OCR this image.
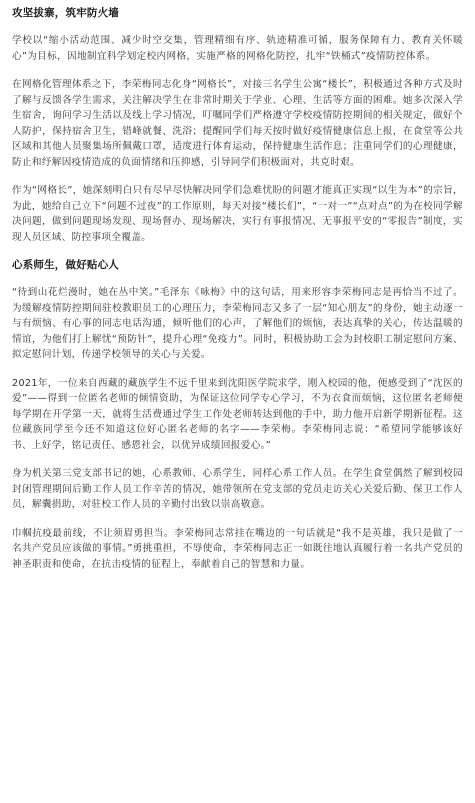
攻坚拔寨，筑牢防火墙

学校以“缩小活动范围、减少时空交集，管理精细有序、轨迹精准可循，服务保障有力、教育关怀暖心”为目标，因地制宜科学划定校内网格，实施严格的网格化防控，扎牢“铁桶式”疫情防控体系。

在网格化管理体系之下，李荣梅同志化身“网格长”，对接三名学生公寓“楼长”，积极通过各种方式及时了解与反馈各学生需求，关注解决学生在非常时期关于学业、心理、生活等方面的困难。她多次深入学生宿舍，询问学习生活以及线上学习情况，叮嘱同学们严格遵守学校疫情防控期间的相关规定，做好个人防护，保持宿舍卫生，错峰就餐、洗浴；提醒同学们每天按时做好疫情健康信息上报，在食堂等公共区域和其他人员聚集场所佩戴口罩，适度进行体育运动，保持健康生活作息；注重同学们的心理健康，防止和纾解因疫情造成的负面情绪和压抑感，引导同学们积极面对，共克时艰。

作为“网格长”，她深刻明白只有尽早尽快解决同学们急难忧盼的问题才能真正实现“以生为本”的宗旨，为此，她给自己立下“问题不过夜”的工作原则，每天对接“楼长们”，“一对一”“点对点”的为在校同学解决问题，做到问题现场发现、现场督办、现场解决，实行有事报情况、无事报平安的“零报告”制度，实现人员区域、防控事项全覆盖。

心系师生，做好贴心人

“待到山花烂漫时，她在丛中笑。”毛泽东《咏梅》中的这句话，用来形容李荣梅同志是再恰当不过了。为缓解疫情防控期间驻校教职员工的心理压力，李荣梅同志又多了一层“知心朋友”的身份，她主动逐一与有烦恼、有心事的同志电话沟通，倾听他们的心声，了解他们的烦恼，表达真挚的关心，传达温暖的情谊，为他们打上解忧“预防针”，提升心理“免疫力”。同时，积极协助工会为封校职工制定慰问方案、拟定慰问计划，传递学校领导的关心与关爱。

2021年，一位来自西藏的藏族学生不远千里来到沈阳医学院求学，刚入校园的他，便感受到了“沈医的爱”——得到一位匿名老师的倾情资助，为保证这位同学专心学习，不为衣食而烦恼，这位匿名老师便每学期在开学第一天，就将生活费通过学生工作处老师转达到他的手中，助力他开启新学期新征程。这位藏族同学至今还不知道这位好心匿名老师的名字——李荣梅。李荣梅同志说：“希望同学能够该好书、上好学，铭记责任、感恩社会，以优异成绩回报爱心。”

身为机关第三党支部书记的她，心系教师、心系学生，同样心系工作人员。在学生食堂偶然了解到校园封闭管理期间后勤工作人员工作辛苦的情况，她带领所在党支部的党员走访关心关爱后勤、保卫工作人员，解囊捐助，对驻校工作人员的辛勤付出致以崇高敬意。

巾帼抗疫最前线，不让须眉勇担当。李荣梅同志常挂在嘴边的一句话就是“我不是英雄，我只是做了一名共产党员应该做的事情。”勇挑重担，不辱使命，李荣梅同志正一如既往地认真履行着一名共产党员的神圣职责和使命，在抗击疫情的征程上，奉献着自己的智慧和力量。
